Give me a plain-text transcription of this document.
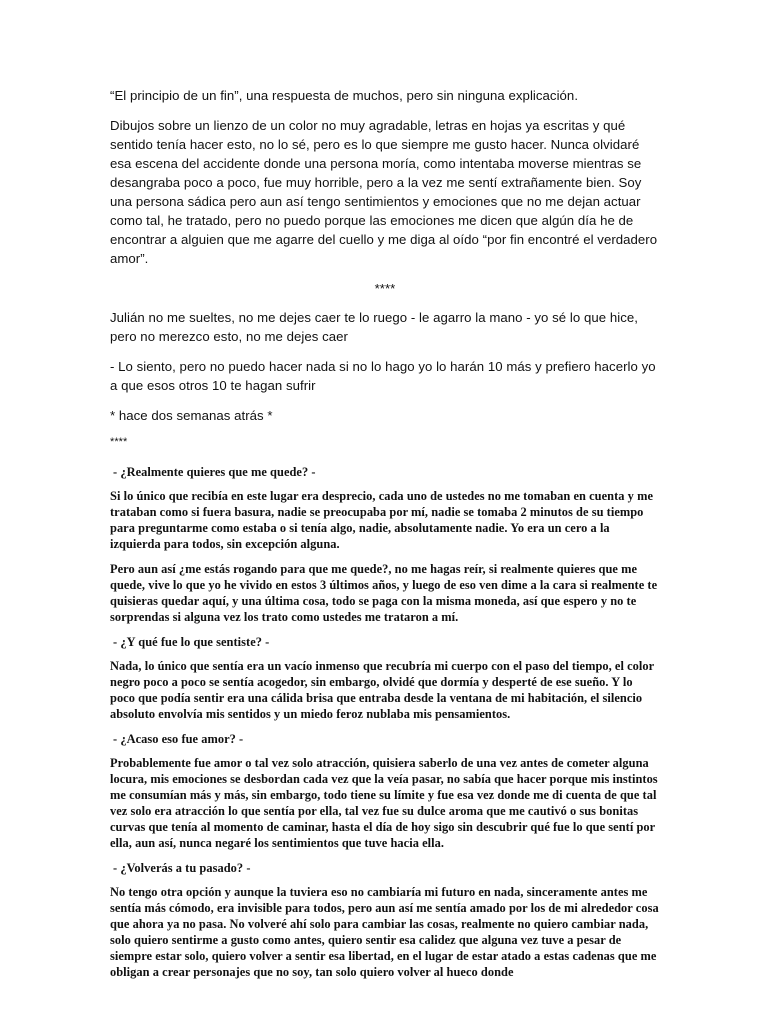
“El principio de un fin”, una respuesta de muchos, pero sin ninguna explicación.

Dibujos sobre un lienzo de un color no muy agradable, letras en hojas ya escritas y qué sentido tenía hacer esto, no lo sé, pero es lo que siempre me gusto hacer. Nunca olvidaré esa escena del accidente donde una persona moría, como intentaba moverse mientras se desangraba poco a poco, fue muy horrible, pero a la vez me sentí extrañamente bien. Soy una persona sádica pero aun así tengo sentimientos y emociones que no me dejan actuar como tal, he tratado, pero no puedo porque las emociones me dicen que algún día he de encontrar a alguien que me agarre del cuello y me diga al oído “por fin encontré el verdadero amor”.

****

Julián no me sueltes, no me dejes caer te lo ruego - le agarro la mano - yo sé lo que hice, pero no merezco esto, no me dejes caer

- Lo siento, pero no puedo hacer nada si no lo hago yo lo harán 10 más y prefiero hacerlo yo a que esos otros 10 te hagan sufrir

* hace dos semanas atrás *

****

- ¿Realmente quieres que me quede? -

Si lo único que recibía en este lugar era desprecio, cada uno de ustedes no me tomaban en cuenta y me trataban como si fuera basura, nadie se preocupaba por mí, nadie se tomaba 2 minutos de su tiempo para preguntarme como estaba o si tenía algo, nadie, absolutamente nadie. Yo era un cero a la izquierda para todos, sin excepción alguna.

Pero aun así ¿me estás rogando para que me quede?, no me hagas reír, si realmente quieres que me quede, vive lo que yo he vivido en estos 3 últimos años, y luego de eso ven dime a la cara si realmente te quisieras quedar aquí, y una última cosa, todo se paga con la misma moneda, así que espero y no te sorprendas si alguna vez los trato como ustedes me trataron a mí.

- ¿Y qué fue lo que sentiste? -

Nada, lo único que sentía era un vacío inmenso que recubría mi cuerpo con el paso del tiempo, el color negro poco a poco se sentía acogedor, sin embargo, olvidé que dormía y desperté de ese sueño. Y lo poco que podía sentir era una cálida brisa que entraba desde la ventana de mi habitación, el silencio absoluto envolvía mis sentidos y un miedo feroz nublaba mis pensamientos.

- ¿Acaso eso fue amor? -

Probablemente fue amor o tal vez solo atracción, quisiera saberlo de una vez antes de cometer alguna locura, mis emociones se desbordan cada vez que la veía pasar, no sabía que hacer porque mis instintos me consumían más y más, sin embargo, todo tiene su límite y fue esa vez donde me di cuenta de que tal vez solo era atracción lo que sentía por ella, tal vez fue su dulce aroma que me cautivó o sus bonitas curvas que tenía al momento de caminar, hasta el día de hoy sigo sin descubrir qué fue lo que sentí por ella, aun así, nunca negaré los sentimientos que tuve hacia ella.

- ¿Volverás a tu pasado? -

No tengo otra opción y aunque la tuviera eso no cambiaría mi futuro en nada, sinceramente antes me sentía más cómodo, era invisible para todos, pero aun así me sentía amado por los de mi alrededor cosa que ahora ya no pasa. No volveré ahí solo para cambiar las cosas, realmente no quiero cambiar nada, solo quiero sentirme a gusto como antes, quiero sentir esa calidez que alguna vez tuve a pesar de siempre estar solo, quiero volver a sentir esa libertad, en el lugar de estar atado a estas cadenas que me obligan a crear personajes que no soy, tan solo quiero volver al hueco donde
